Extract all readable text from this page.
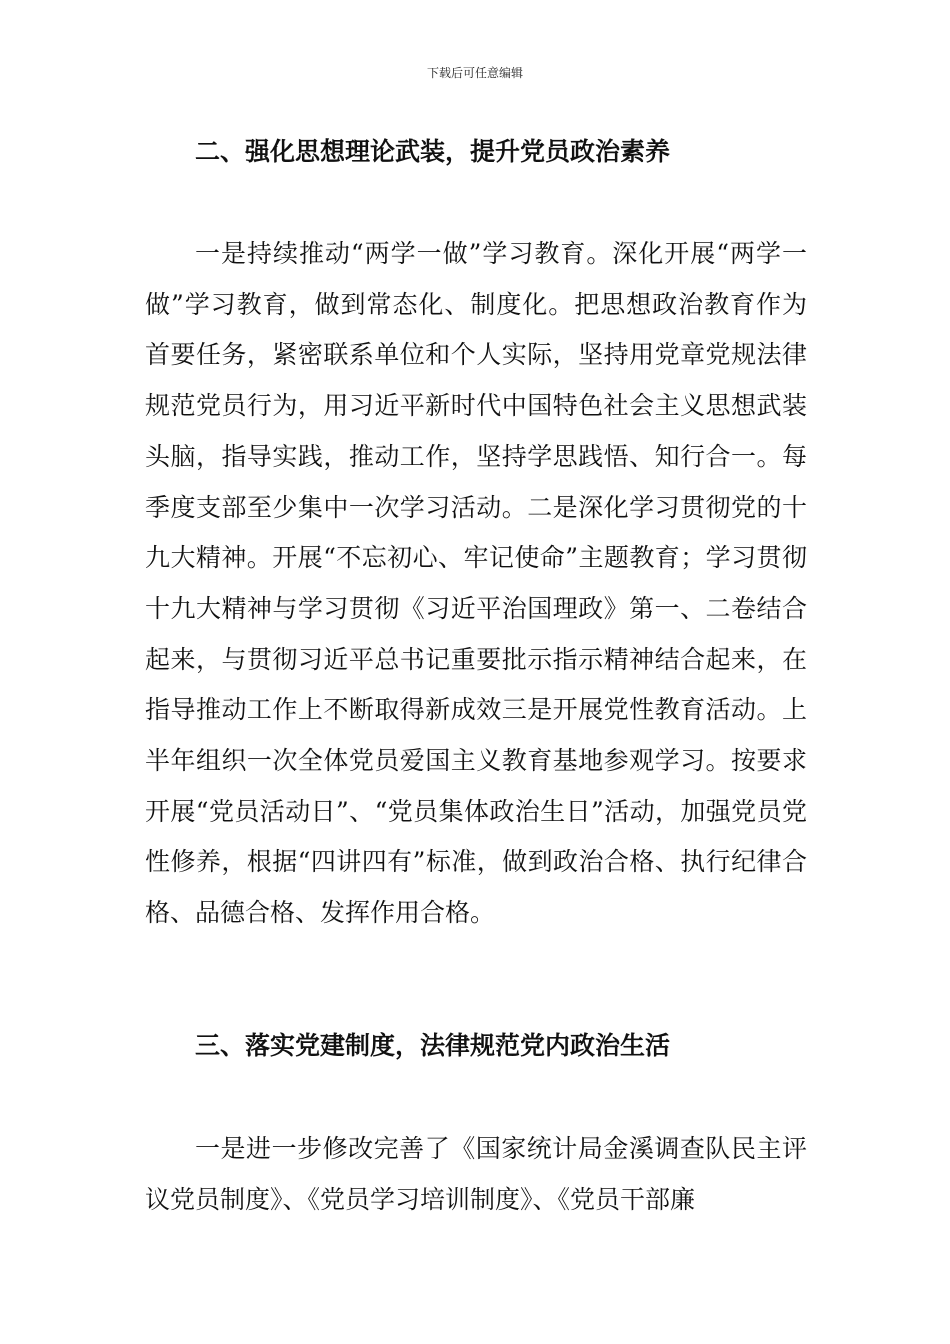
下载后可任意编辑
二、强化思想理论武装，提升党员政治素养

一是持续推动“两学一做”学习教育。深化开展“两学一做”学习教育，做到常态化、制度化。把思想政治教育作为首要任务，紧密联系单位和个人实际，坚持用党章党规法律规范党员行为，用习近平新时代中国特色社会主义思想武装头脑，指导实践，推动工作，坚持学思践悟、知行合一。每季度支部至少集中一次学习活动。二是深化学习贯彻党的十九大精神。开展“不忘初心、牢记使命”主题教育；学习贯彻十九大精神与学习贯彻《习近平治国理政》第一、二卷结合起来，与贯彻习近平总书记重要批示指示精神结合起来，在指导推动工作上不断取得新成效三是开展党性教育活动。上半年组织一次全体党员爱国主义教育基地参观学习。按要求开展“党员活动日”、“党员集体政治生日”活动，加强党员党性修养，根据“四讲四有”标准，做到政治合格、执行纪律合格、品德合格、发挥作用合格。

三、落实党建制度，法律规范党内政治生活

一是进一步修改完善了《国家统计局金溪调查队民主评议党员制度》、《党员学习培训制度》、《党员干部廉
